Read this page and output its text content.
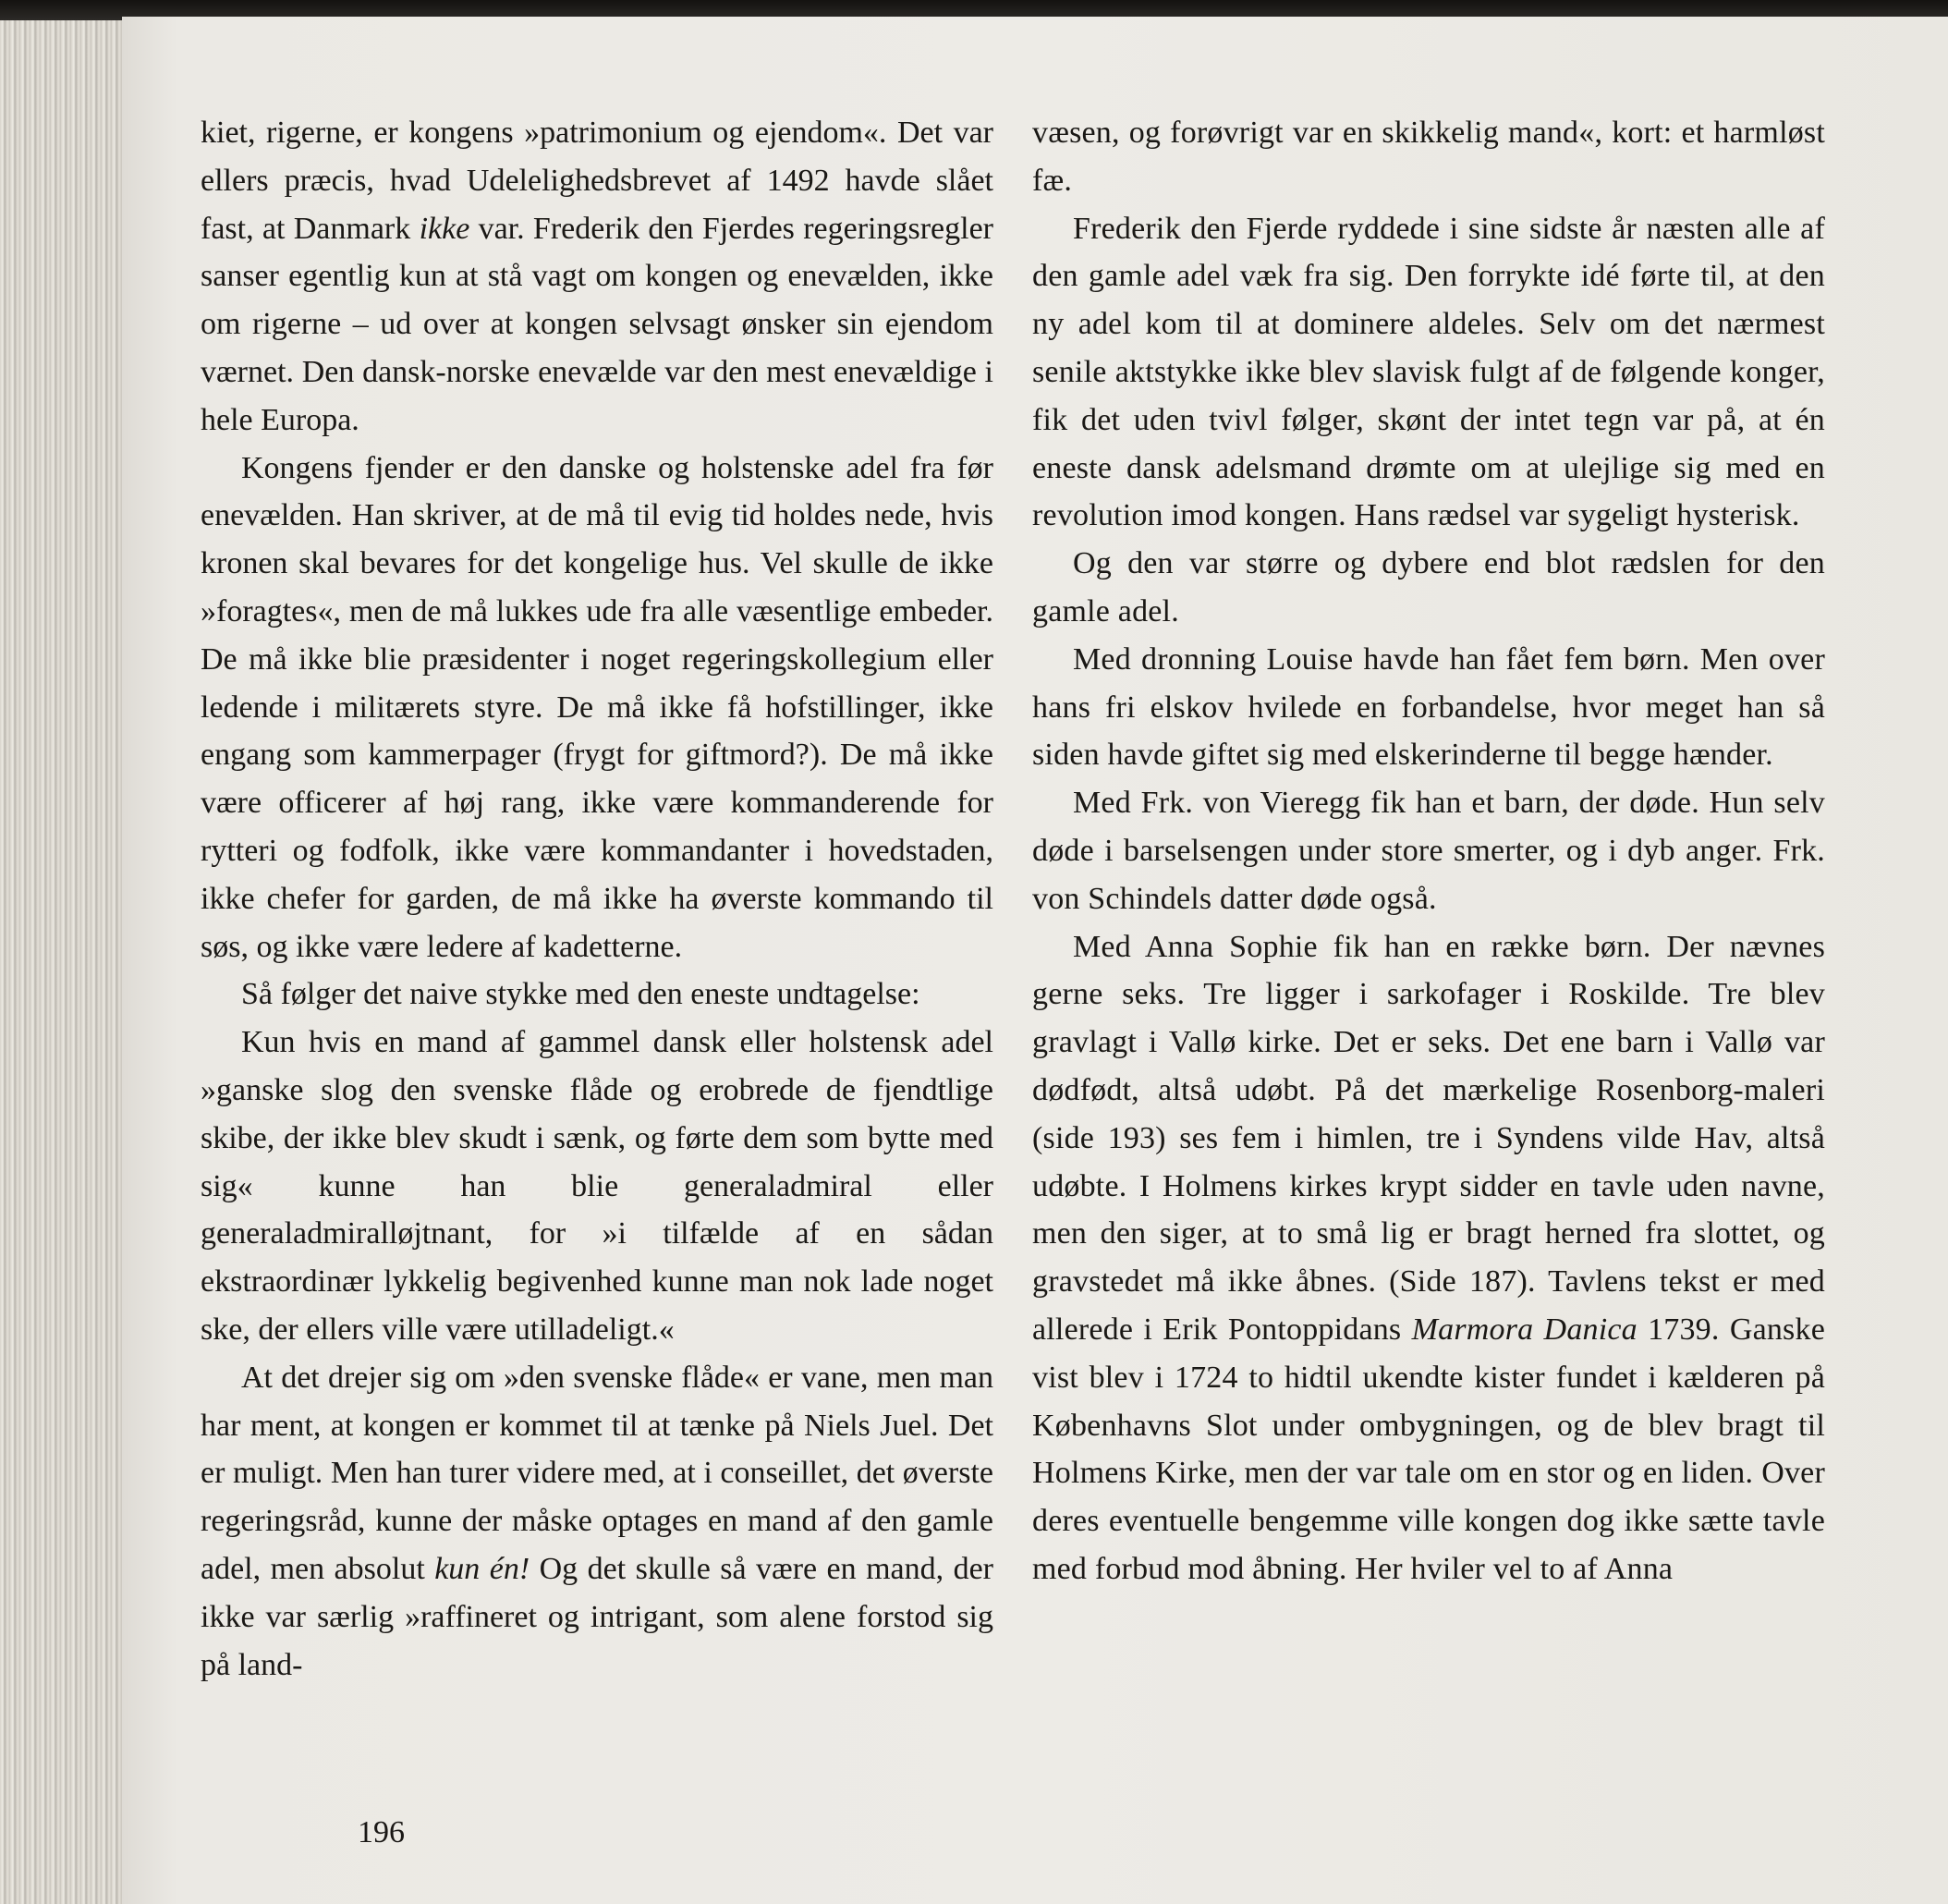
kiet, rigerne, er kongens »patrimonium og ejendom«. Det var ellers præcis, hvad Udelelighedsbrevet af 1492 havde slået fast, at Danmark ikke var. Frederik den Fjerdes regeringsregler sanser egentlig kun at stå vagt om kongen og enevælden, ikke om rigerne – ud over at kongen selvsagt ønsker sin ejendom værnet. Den dansk-norske enevælde var den mest enevældige i hele Europa.

Kongens fjender er den danske og holstenske adel fra før enevælden. Han skriver, at de må til evig tid holdes nede, hvis kronen skal bevares for det kongelige hus. Vel skulle de ikke »foragtes«, men de må lukkes ude fra alle væsentlige embeder. De må ikke blie præsidenter i noget regeringskollegium eller ledende i militærets styre. De må ikke få hofstillinger, ikke engang som kammerpager (frygt for giftmord?). De må ikke være officerer af høj rang, ikke være kommanderende for rytteri og fodfolk, ikke være kommandanter i hovedstaden, ikke chefer for garden, de må ikke ha øverste kommando til søs, og ikke være ledere af kadetterne.

Så følger det naive stykke med den eneste undtagelse:

Kun hvis en mand af gammel dansk eller holstensk adel »ganske slog den svenske flåde og erobrede de fjendtlige skibe, der ikke blev skudt i sænk, og førte dem som bytte med sig« kunne han blie generaladmiral eller generaladmiralløjtnant, for »i tilfælde af en sådan ekstraordinær lykkelig begivenhed kunne man nok lade noget ske, der ellers ville være utilladeligt.«

At det drejer sig om »den svenske flåde« er vane, men man har ment, at kongen er kommet til at tænke på Niels Juel. Det er muligt. Men han turer videre med, at i conseillet, det øverste regeringsråd, kunne der måske optages en mand af den gamle adel, men absolut kun én! Og det skulle så være en mand, der ikke var særlig »raffineret og intrigant, som alene forstod sig på land-

væsen, og forøvrigt var en skikkelig mand«, kort: et harmløst fæ.

Frederik den Fjerde ryddede i sine sidste år næsten alle af den gamle adel væk fra sig. Den forrykte idé førte til, at den ny adel kom til at dominere aldeles. Selv om det nærmest senile aktstykke ikke blev slavisk fulgt af de følgende konger, fik det uden tvivl følger, skønt der intet tegn var på, at én eneste dansk adelsmand drømte om at ulejlige sig med en revolution imod kongen. Hans rædsel var sygeligt hysterisk.

Og den var større og dybere end blot rædslen for den gamle adel.

Med dronning Louise havde han fået fem børn. Men over hans fri elskov hvilede en forbandelse, hvor meget han så siden havde giftet sig med elskerinderne til begge hænder.

Med Frk. von Vieregg fik han et barn, der døde. Hun selv døde i barselsengen under store smerter, og i dyb anger. Frk. von Schindels datter døde også.

Med Anna Sophie fik han en række børn. Der nævnes gerne seks. Tre ligger i sarkofager i Roskilde. Tre blev gravlagt i Vallø kirke. Det er seks. Det ene barn i Vallø var dødfødt, altså udøbt. På det mærkelige Rosenborg-maleri (side 193) ses fem i himlen, tre i Syndens vilde Hav, altså udøbte. I Holmens kirkes krypt sidder en tavle uden navne, men den siger, at to små lig er bragt herned fra slottet, og gravstedet må ikke åbnes. (Side 187). Tavlens tekst er med allerede i Erik Pontoppidans Marmora Danica 1739. Ganske vist blev i 1724 to hidtil ukendte kister fundet i kælderen på Københavns Slot under ombygningen, og de blev bragt til Holmens Kirke, men der var tale om en stor og en liden. Over deres eventuelle bengemme ville kongen dog ikke sætte tavle med forbud mod åbning. Her hviler vel to af Anna

196
